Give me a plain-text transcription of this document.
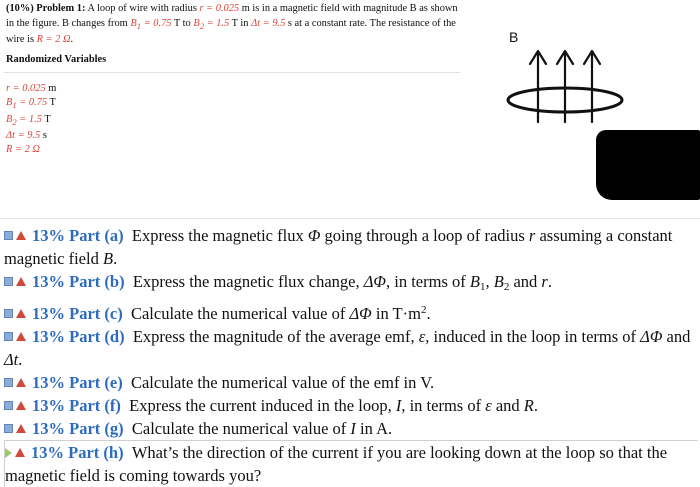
(10%) Problem 1: A loop of wire with radius r = 0.025 m is in a magnetic field with magnitude B as shown in the figure. B changes from $B_1 = 0.75$ T to $B_2 = 1.5$ T in Δt = 9.5 s at a constant rate. The resistance of the wire is R = 2 Ω.
Randomized Variables
r = 0.025 m
$B_1 = 0.75$ T
$B_2 = 1.5$ T
Δt = 9.5 s
R = 2 Ω
B
13% Part (a) Express the magnetic flux Φ going through a loop of radius r assuming a constant magnetic field B.
13% Part (b) Express the magnetic flux change, ΔΦ, in terms of B1, B2 and r.
13% Part (c) Calculate the numerical value of ΔΦ in $T\cdot m^2$.
13% Part (d) Express the magnitude of the average emf, ε, induced in the loop in terms of ΔΦ and Δt.
13% Part (e) Calculate the numerical value of the emf in V.
13% Part (f) Express the current induced in the loop, I, in terms of ε and R.
13% Part (g) Calculate the numerical value of I in A.
13% Part (h) What’s the direction of the current if you are looking down at the loop so that the magnetic field is coming towards you?
